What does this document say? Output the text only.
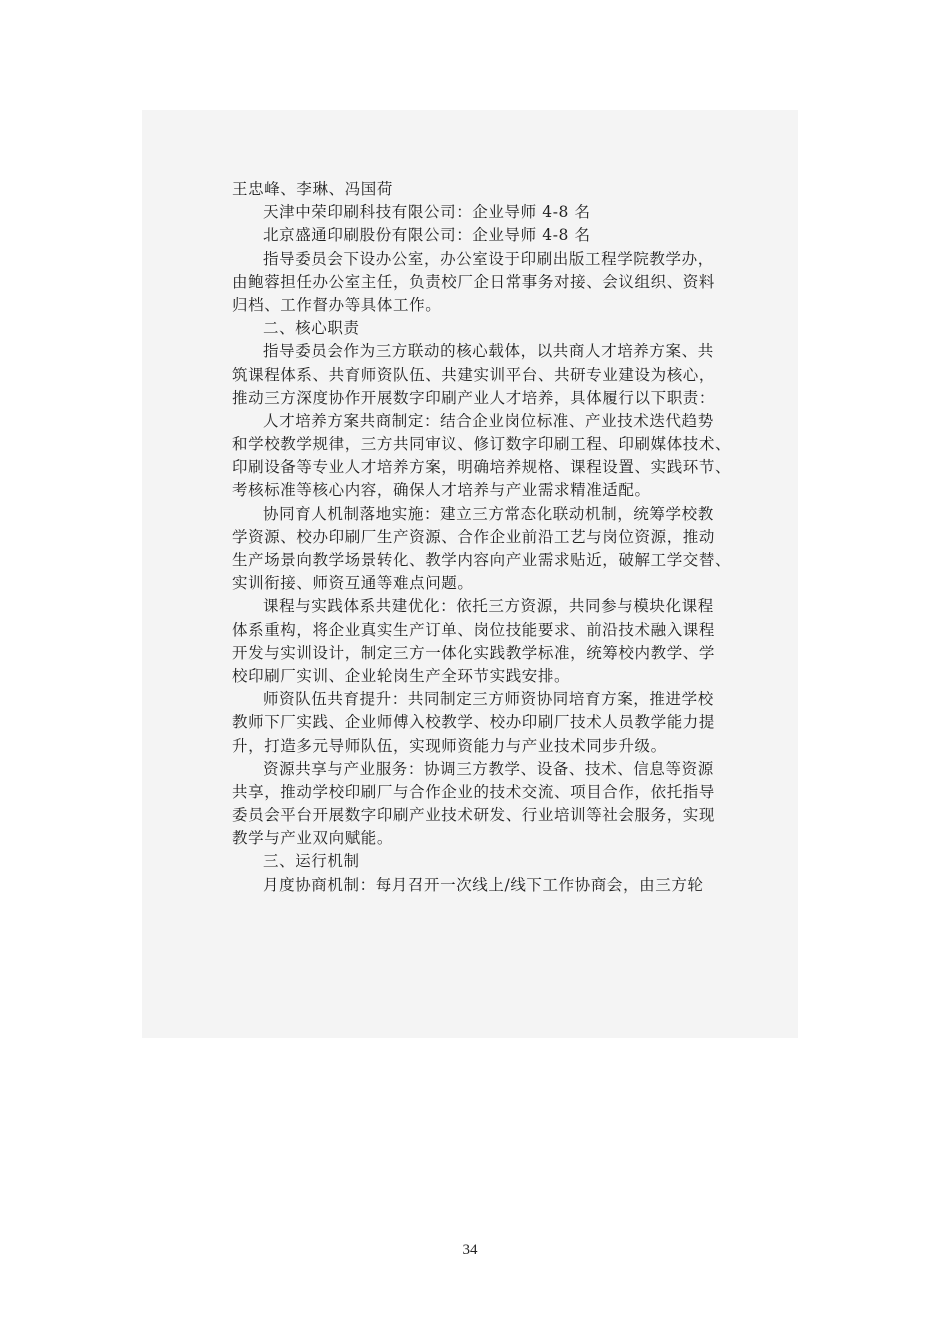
王忠峰、李琳、冯国荷
天津中荣印刷科技有限公司：企业导师 4-8 名
北京盛通印刷股份有限公司：企业导师 4-8 名
指导委员会下设办公室，办公室设于印刷出版工程学院教学办，
由鲍蓉担任办公室主任，负责校厂企日常事务对接、会议组织、资料
归档、工作督办等具体工作。
二、核心职责
指导委员会作为三方联动的核心载体，以共商人才培养方案、共
筑课程体系、共育师资队伍、共建实训平台、共研专业建设为核心，
推动三方深度协作开展数字印刷产业人才培养，具体履行以下职责：
人才培养方案共商制定：结合企业岗位标准、产业技术迭代趋势
和学校教学规律，三方共同审议、修订数字印刷工程、印刷媒体技术、
印刷设备等专业人才培养方案，明确培养规格、课程设置、实践环节、
考核标准等核心内容，确保人才培养与产业需求精准适配。
协同育人机制落地实施：建立三方常态化联动机制，统筹学校教
学资源、校办印刷厂生产资源、合作企业前沿工艺与岗位资源，推动
生产场景向教学场景转化、教学内容向产业需求贴近，破解工学交替、
实训衔接、师资互通等难点问题。
课程与实践体系共建优化：依托三方资源，共同参与模块化课程
体系重构，将企业真实生产订单、岗位技能要求、前沿技术融入课程
开发与实训设计，制定三方一体化实践教学标准，统筹校内教学、学
校印刷厂实训、企业轮岗生产全环节实践安排。
师资队伍共育提升：共同制定三方师资协同培育方案，推进学校
教师下厂实践、企业师傅入校教学、校办印刷厂技术人员教学能力提
升，打造多元导师队伍，实现师资能力与产业技术同步升级。
资源共享与产业服务：协调三方教学、设备、技术、信息等资源
共享，推动学校印刷厂与合作企业的技术交流、项目合作，依托指导
委员会平台开展数字印刷产业技术研发、行业培训等社会服务，实现
教学与产业双向赋能。
三、运行机制
月度协商机制：每月召开一次线上/线下工作协商会，由三方轮
34
